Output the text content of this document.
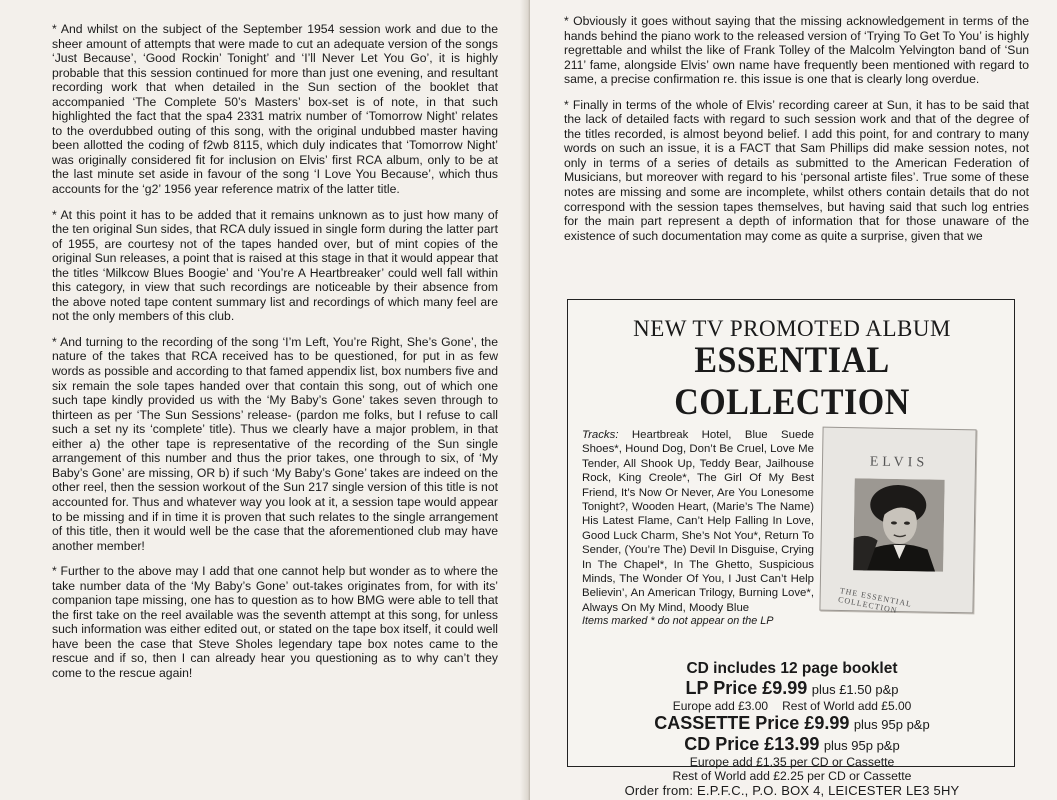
* And whilst on the subject of the September 1954 session work and due to the sheer amount of attempts that were made to cut an adequate version of the songs ‘Just Because’, ‘Good Rockin’ Tonight’ and ‘I’ll Never Let You Go’, it is highly probable that this session continued for more than just one evening, and resultant recording work that when detailed in the Sun section of the booklet that accompanied ‘The Complete 50’s Masters’ box-set is of note, in that such highlighted the fact that the spa4 2331 matrix number of ‘Tomorrow Night’ relates to the overdubbed outing of this song, with the original undubbed master having been allotted the coding of f2wb 8115, which duly indicates that ‘Tomorrow Night’ was originally considered fit for inclusion on Elvis’ first RCA album, only to be at the last minute set aside in favour of the song ‘I Love You Because’, which thus accounts for the ‘g2’ 1956 year reference matrix of the latter title.

* At this point it has to be added that it remains unknown as to just how many of the ten original Sun sides, that RCA duly issued in single form during the latter part of 1955, are courtesy not of the tapes handed over, but of mint copies of the original Sun releases, a point that is raised at this stage in that it would appear that the titles ‘Milkcow Blues Boogie’ and ‘You’re A Heartbreaker’ could well fall within this category, in view that such recordings are noticeable by their absence from the above noted tape content summary list and recordings of which many feel are not the only members of this club.

* And turning to the recording of the song ‘I’m Left, You’re Right, She’s Gone’, the nature of the takes that RCA received has to be questioned, for put in as few words as possible and according to that famed appendix list, box numbers five and six remain the sole tapes handed over that contain this song, out of which one such tape kindly provided us with the ‘My Baby’s Gone’ takes seven through to thirteen as per ‘The Sun Sessions’ release- (pardon me folks, but I refuse to call such a set ny its ‘complete’ title). Thus we clearly have a major problem, in that either a) the other tape is representative of the recording of the Sun single arrangement of this number and thus the prior takes, one through to six, of ‘My Baby’s Gone’ are missing, OR b) if such ‘My Baby’s Gone’ takes are indeed on the other reel, then the session workout of the Sun 217 single version of this title is not accounted for. Thus and whatever way you look at it, a session tape would appear to be missing and if in time it is proven that such relates to the single arrangement of this title, then it would well be the case that the aforementioned club may have another member!

* Further to the above may I add that one cannot help but wonder as to where the take number data of the ‘My Baby’s Gone’ out-takes originates from, for with its’ companion tape missing, one has to question as to how BMG were able to tell that the first take on the reel available was the seventh attempt at this song, for unless such information was either edited out, or stated on the tape box itself, it could well have been the case that Steve Sholes legendary tape box notes came to the rescue and if so, then I can already hear you questioning as to why can’t they come to the rescue again!

* Obviously it goes without saying that the missing acknowledgement in terms of the hands behind the piano work to the released version of ‘Trying To Get To You’ is highly regrettable and whilst the like of Frank Tolley of the Malcolm Yelvington band of ‘Sun 211’ fame, alongside Elvis’ own name have frequently been mentioned with regard to same, a precise confirmation re. this issue is one that is clearly long overdue.

* Finally in terms of the whole of Elvis’ recording career at Sun, it has to be said that the lack of detailed facts with regard to such session work and that of the degree of the titles recorded, is almost beyond belief. I add this point, for and contrary to many words on such an issue, it is a FACT that Sam Phillips did make session notes, not only in terms of a series of details as submitted to the American Federation of Musicians, but moreover with regard to his ‘personal artiste files’. True some of these notes are missing and some are incomplete, whilst others contain details that do not correspond with the session tapes themselves, but having said that such log entries for the main part represent a depth of information that for those unaware of the existence of such documentation may come as quite a surprise, given that we

NEW TV PROMOTED ALBUM

ESSENTIAL COLLECTION

Tracks: Heartbreak Hotel, Blue Suede Shoes*, Hound Dog, Don’t Be Cruel, Love Me Tender, All Shook Up, Teddy Bear, Jailhouse Rock, King Creole*, The Girl Of My Best Friend, It’s Now Or Never, Are You Lonesome Tonight?, Wooden Heart, (Marie’s The Name) His Latest Flame, Can’t Help Falling In Love, Good Luck Charm, She’s Not You*, Return To Sender, (You’re The) Devil In Disguise, Crying In The Chapel*, In The Ghetto, Suspicious Minds, The Wonder Of You, I Just Can’t Help Believin’, An American Trilogy, Burning Love*, Always On My Mind, Moody Blue

Items marked * do not appear on the LP

ELVIS
THE ESSENTIAL COLLECTION

CD includes 12 page booklet

LP Price £9.99 plus £1.50 p&p

Europe add £3.00 Rest of World add £5.00

CASSETTE Price £9.99 plus 95p p&p

CD Price £13.99 plus 95p p&p

Europe add £1.35 per CD or Cassette

Rest of World add £2.25 per CD or Cassette

Order from: E.P.F.C., P.O. BOX 4, LEICESTER LE3 5HY
